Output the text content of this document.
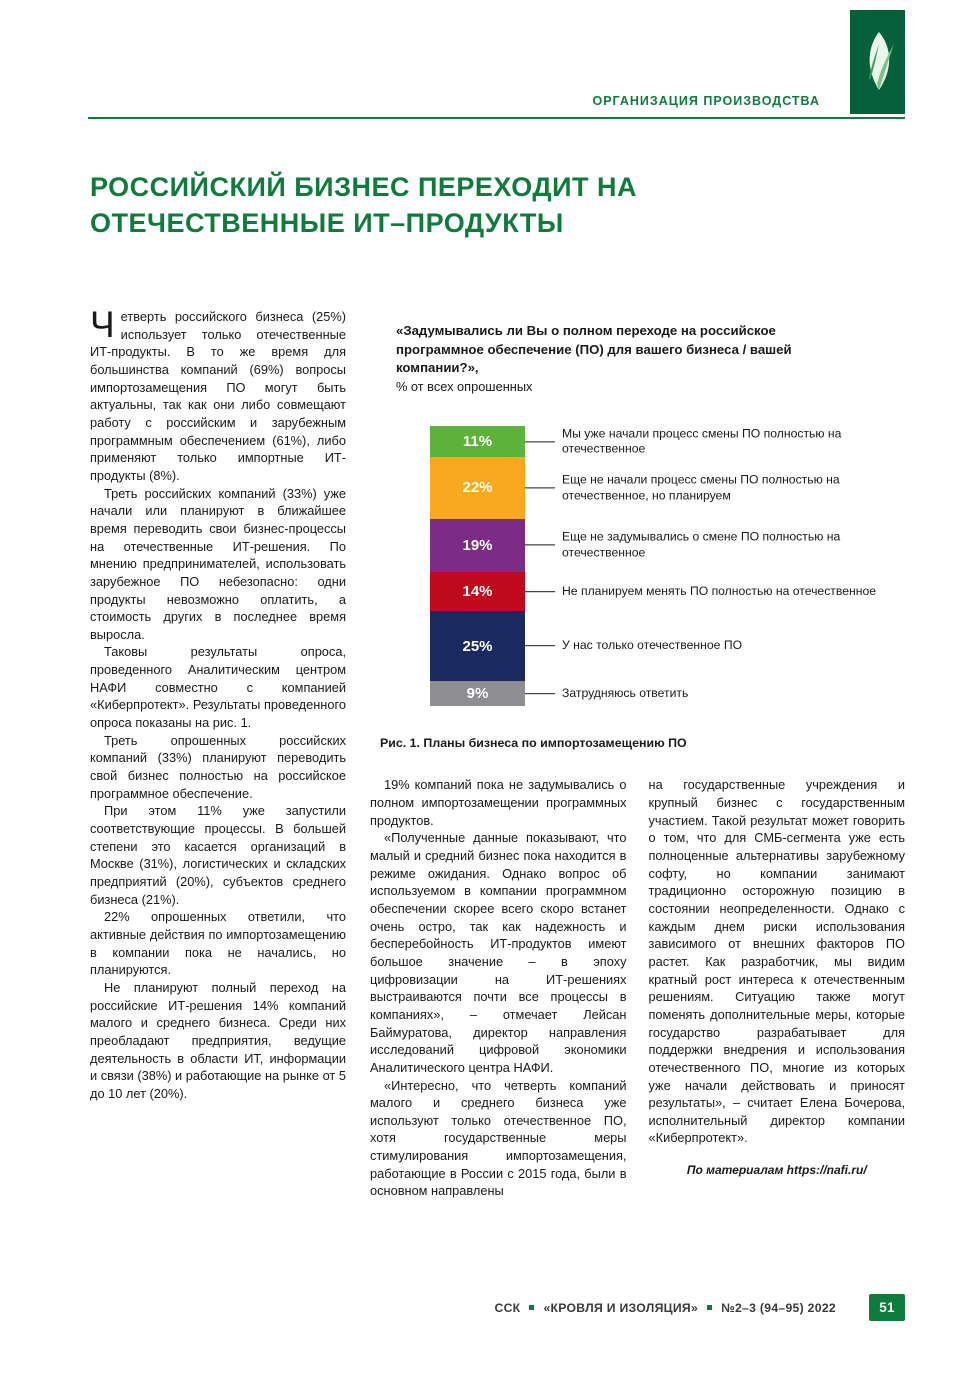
ОРГАНИЗАЦИЯ ПРОИЗВОДСТВА
РОССИЙСКИЙ БИЗНЕС ПЕРЕХОДИТ НА ОТЕЧЕСТВЕННЫЕ ИТ–ПРОДУКТЫ

Четверть российского бизнеса (25%) использует только отечественные ИТ-продукты. В то же время для большинства компаний (69%) вопросы импортозамещения ПО могут быть актуальны, так как они либо совмещают работу с российским и зарубежным программным обеспечением (61%), либо применяют только импортные ИТ-продукты (8%).

Треть российских компаний (33%) уже начали или планируют в ближайшее время переводить свои бизнес-процессы на отечественные ИТ-решения. По мнению предпринимателей, использовать зарубежное ПО небезопасно: одни продукты невозможно оплатить, а стоимость других в последнее время выросла.

Таковы результаты опроса, проведенного Аналитическим центром НАФИ совместно с компанией «Киберпротект». Результаты проведенного опроса показаны на рис. 1.

Треть опрошенных российских компаний (33%) планируют переводить свой бизнес полностью на российское программное обеспечение.

При этом 11% уже запустили соответствующие процессы. В большей степени это касается организаций в Москве (31%), логистических и складских предприятий (20%), субъектов среднего бизнеса (21%).

22% опрошенных ответили, что активные действия по импортозамещению в компании пока не начались, но планируются.

Не планируют полный переход на российские ИТ-решения 14% компаний малого и среднего бизнеса. Среди них преобладают предприятия, ведущие деятельность в области ИТ, информации и связи (38%) и работающие на рынке от 5 до 10 лет (20%).

«Задумывались ли Вы о полном переходе на российское программное обеспечение (ПО) для вашего бизнеса / вашей компании?»,
% от всех опрошенных
11%
22%
19%
14%
25%
9%
Мы уже начали процесс смены ПО полностью на отечественное
Еще не начали процесс смены ПО полностью на отечественное, но планируем
Еще не задумывались о смене ПО полностью на отечественное
Не планируем менять ПО полностью на отечественное
У нас только отечественное ПО
Затрудняюсь ответить
Рис. 1. Планы бизнеса по импортозамещению ПО

19% компаний пока не задумывались о полном импортозамещении программных продуктов.

«Полученные данные показывают, что малый и средний бизнес пока находится в режиме ожидания. Однако вопрос об используемом в компании программном обеспечении скорее всего скоро встанет очень остро, так как надежность и бесперебойность ИТ-продуктов имеют большое значение – в эпоху цифровизации на ИТ-решениях выстраиваются почти все процессы в компаниях», – отмечает Лейсан Баймуратова, директор направления исследований цифровой экономики Аналитического центра НАФИ.

«Интересно, что четверть компаний малого и среднего бизнеса уже используют только отечественное ПО, хотя государственные меры стимулирования импортозамещения, работающие в России с 2015 года, были в основном направлены

на государственные учреждения и крупный бизнес с государственным участием. Такой результат может говорить о том, что для СМБ-сегмента уже есть полноценные альтернативы зарубежному софту, но компании занимают традиционно осторожную позицию в состоянии неопределенности. Однако с каждым днем риски использования зависимого от внешних факторов ПО растет. Как разработчик, мы видим кратный рост интереса к отечественным решениям. Ситуацию также могут поменять дополнительные меры, которые государство разрабатывает для поддержки внедрения и использования отечественного ПО, многие из которых уже начали действовать и приносят результаты», – считает Елена Бочерова, исполнительный директор компании «Киберпротект».

По материалам https://nafi.ru/

ССК «КРОВЛЯ И ИЗОЛЯЦИЯ» №2–3 (94–95) 2022	51
